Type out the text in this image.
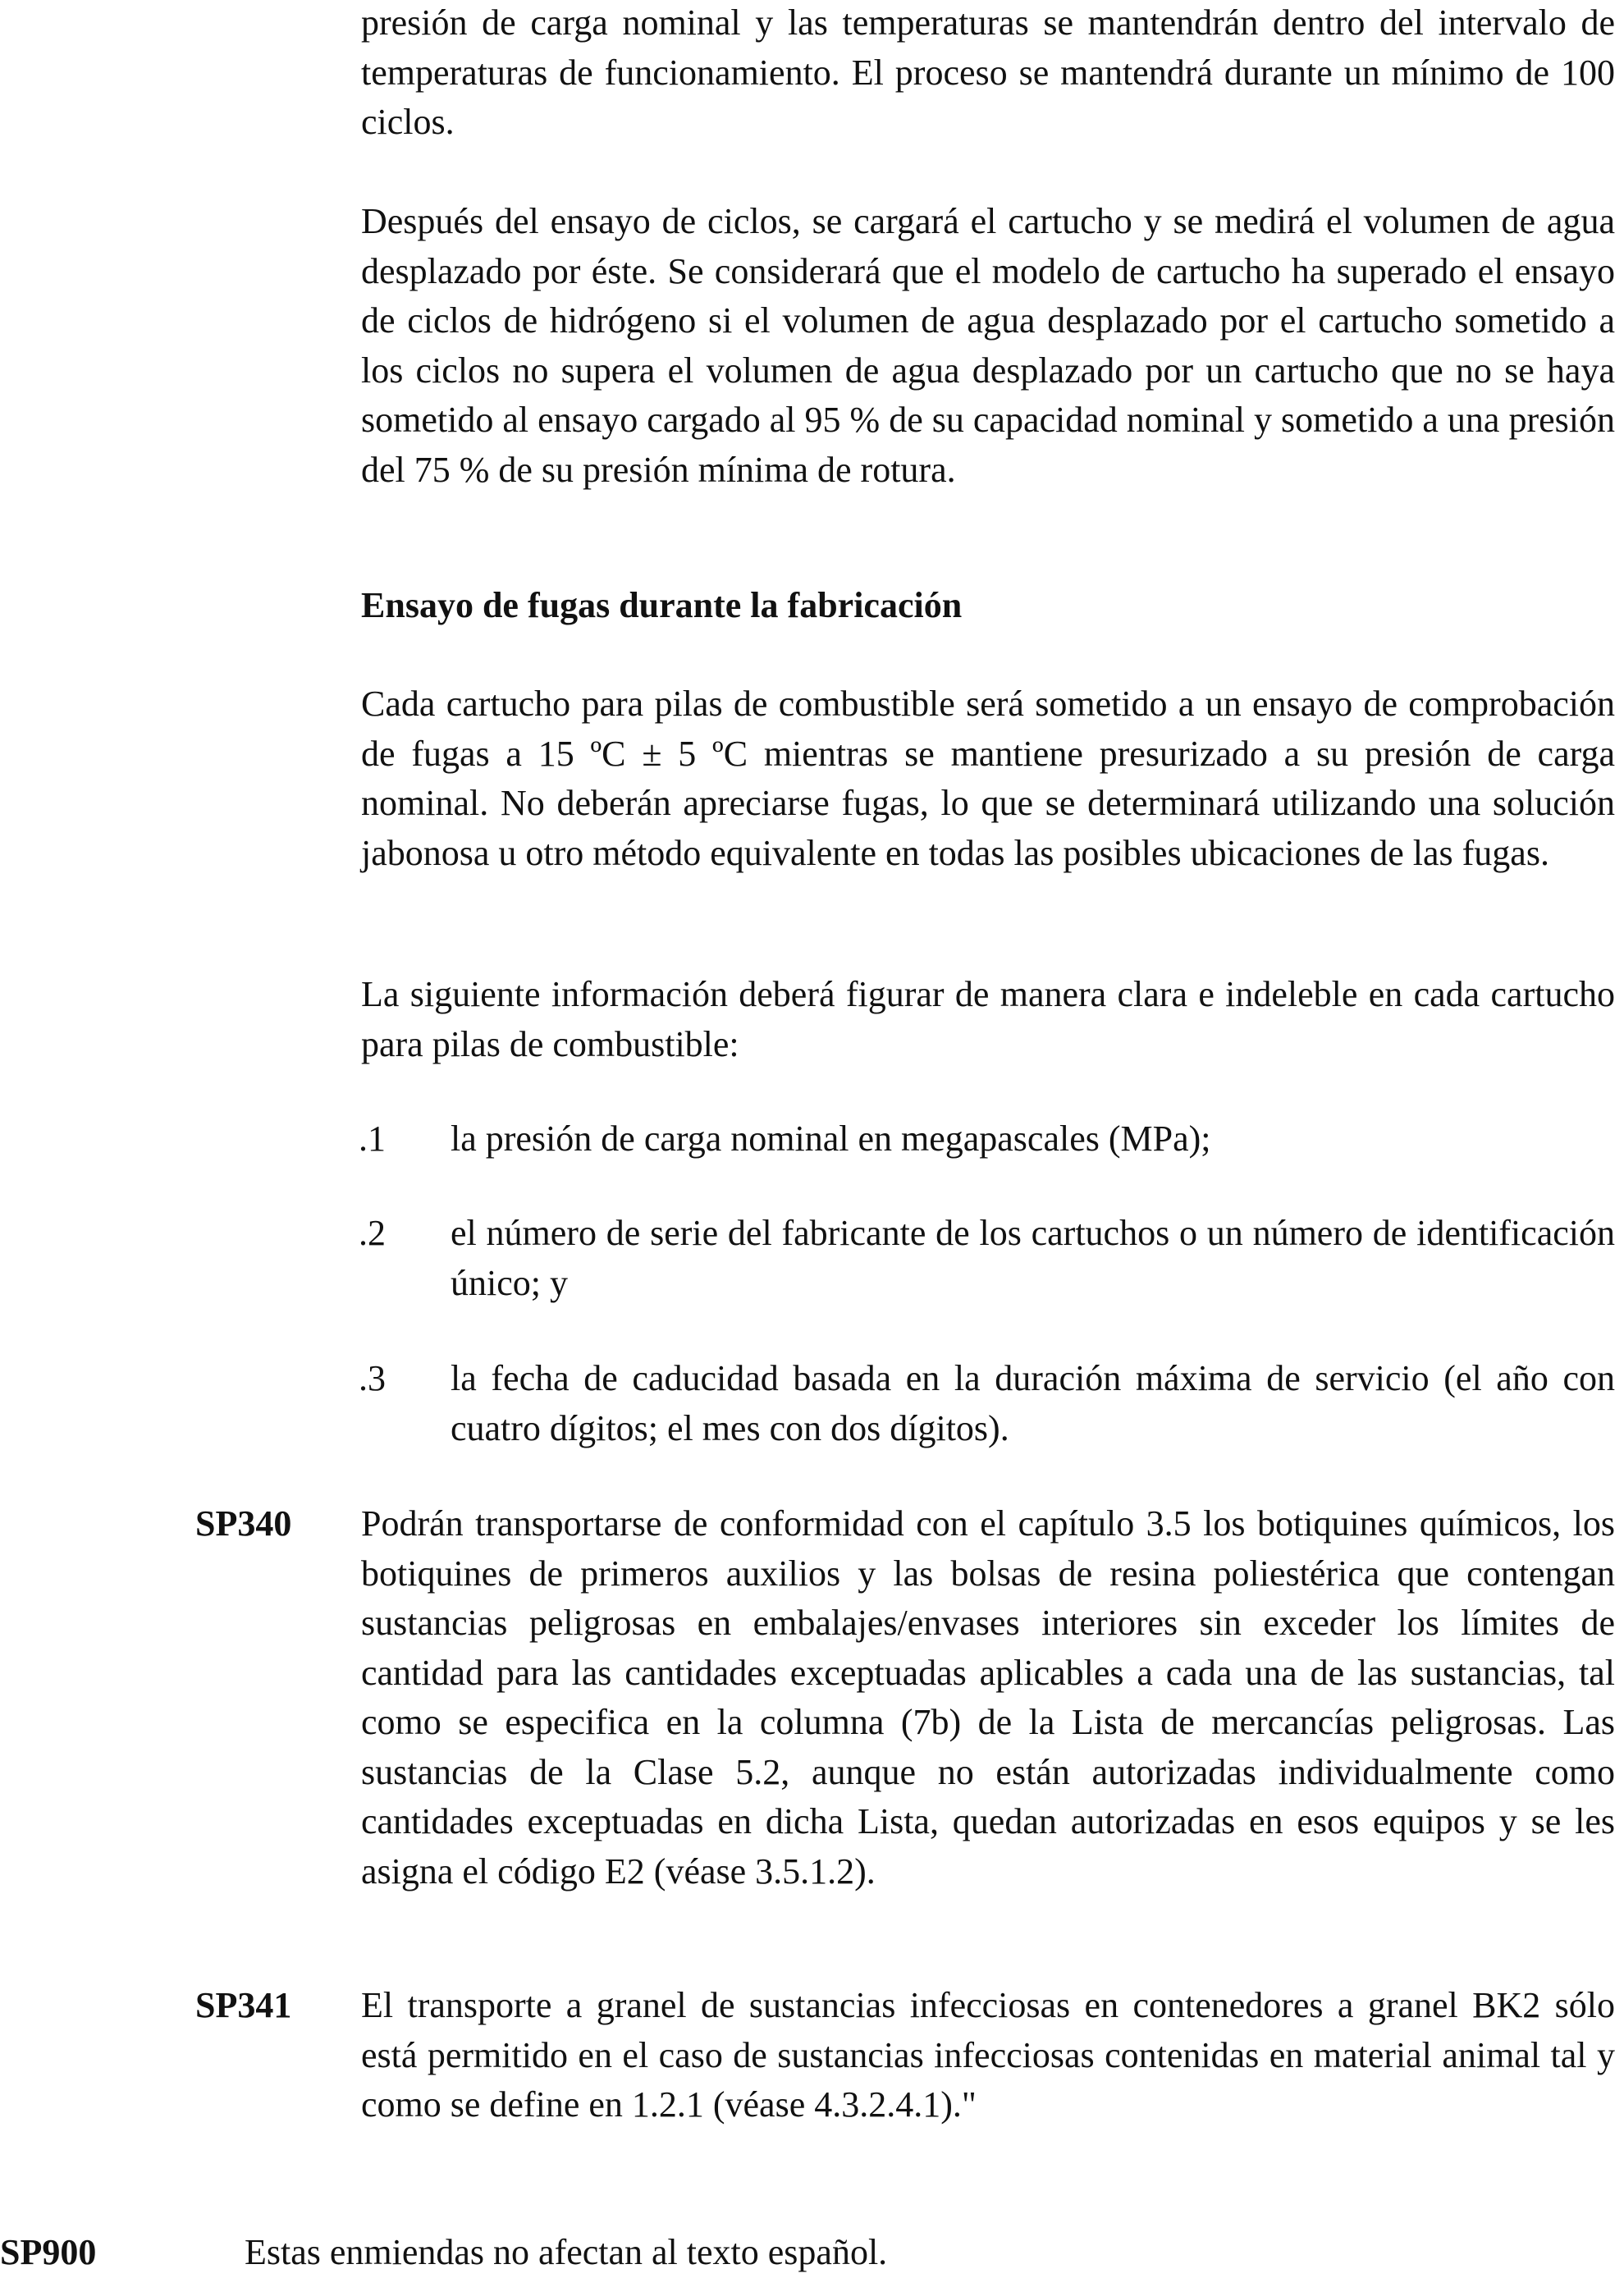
presión de carga nominal y las temperaturas se mantendrán dentro del intervalo de temperaturas de funcionamiento. El proceso se mantendrá durante un mínimo de 100 ciclos.

Después del ensayo de ciclos, se cargará el cartucho y se medirá el volumen de agua desplazado por éste. Se considerará que el modelo de cartucho ha superado el ensayo de ciclos de hidrógeno si el volumen de agua desplazado por el cartucho sometido a los ciclos no supera el volumen de agua desplazado por un cartucho que no se haya sometido al ensayo cargado al 95 % de su capacidad nominal y sometido a una presión del 75 % de su presión mínima de rotura.

Ensayo de fugas durante la fabricación

Cada cartucho para pilas de combustible será sometido a un ensayo de comprobación de fugas a 15 ºC ± 5 ºC mientras se mantiene presurizado a su presión de carga nominal. No deberán apreciarse fugas, lo que se determinará utilizando una solución jabonosa u otro método equivalente en todas las posibles ubicaciones de las fugas.

La siguiente información deberá figurar de manera clara e indeleble en cada cartucho para pilas de combustible:

.1 la presión de carga nominal en megapascales (MPa);
.2 el número de serie del fabricante de los cartuchos o un número de identificación único; y
.3 la fecha de caducidad basada en la duración máxima de servicio (el año con cuatro dígitos; el mes con dos dígitos).
SP340 Podrán transportarse de conformidad con el capítulo 3.5 los botiquines químicos, los botiquines de primeros auxilios y las bolsas de resina poliestérica que contengan sustancias peligrosas en embalajes/envases interiores sin exceder los límites de cantidad para las cantidades exceptuadas aplicables a cada una de las sustancias, tal como se especifica en la columna (7b) de la Lista de mercancías peligrosas. Las sustancias de la Clase 5.2, aunque no están autorizadas individualmente como cantidades exceptuadas en dicha Lista, quedan autorizadas en esos equipos y se les asigna el código E2 (véase 3.5.1.2).
SP341 El transporte a granel de sustancias infecciosas en contenedores a granel BK2 sólo está permitido en el caso de sustancias infecciosas contenidas en material animal tal y como se define en 1.2.1 (véase 4.3.2.4.1)."
SP900	Estas enmiendas no afectan al texto español.
